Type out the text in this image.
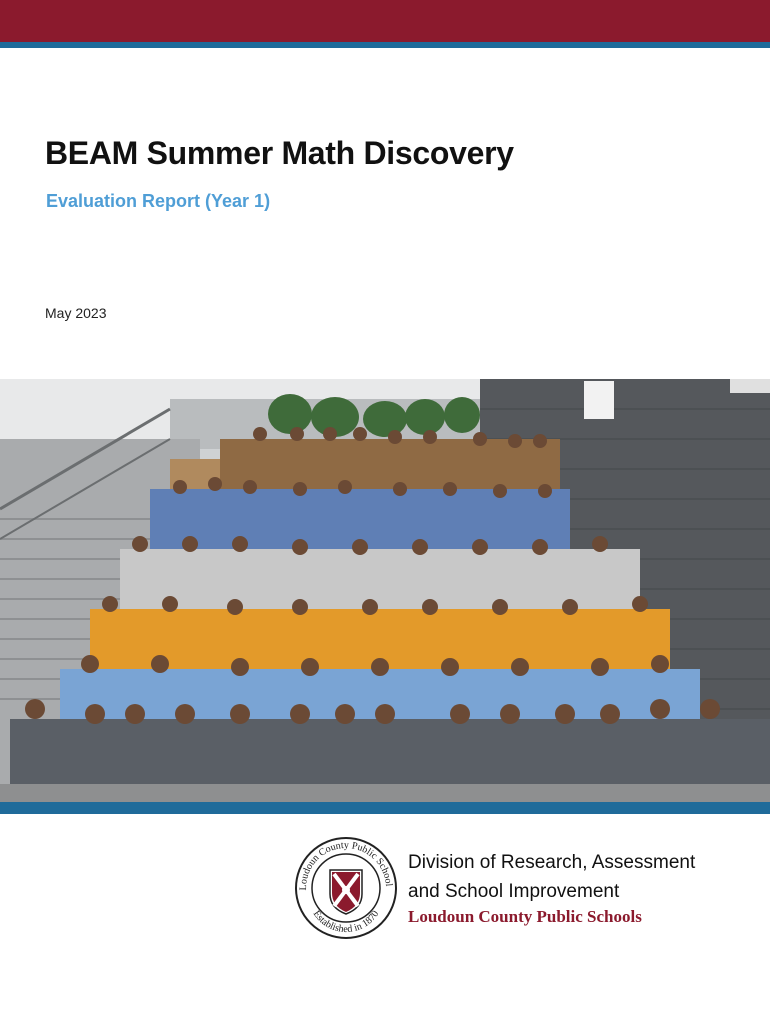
BEAM Summer Math Discovery
Evaluation Report (Year 1)
May 2023
Loudoun County Public School
Established in 1870
Division of Research, Assessment
and School Improvement
Loudoun County Public Schools
